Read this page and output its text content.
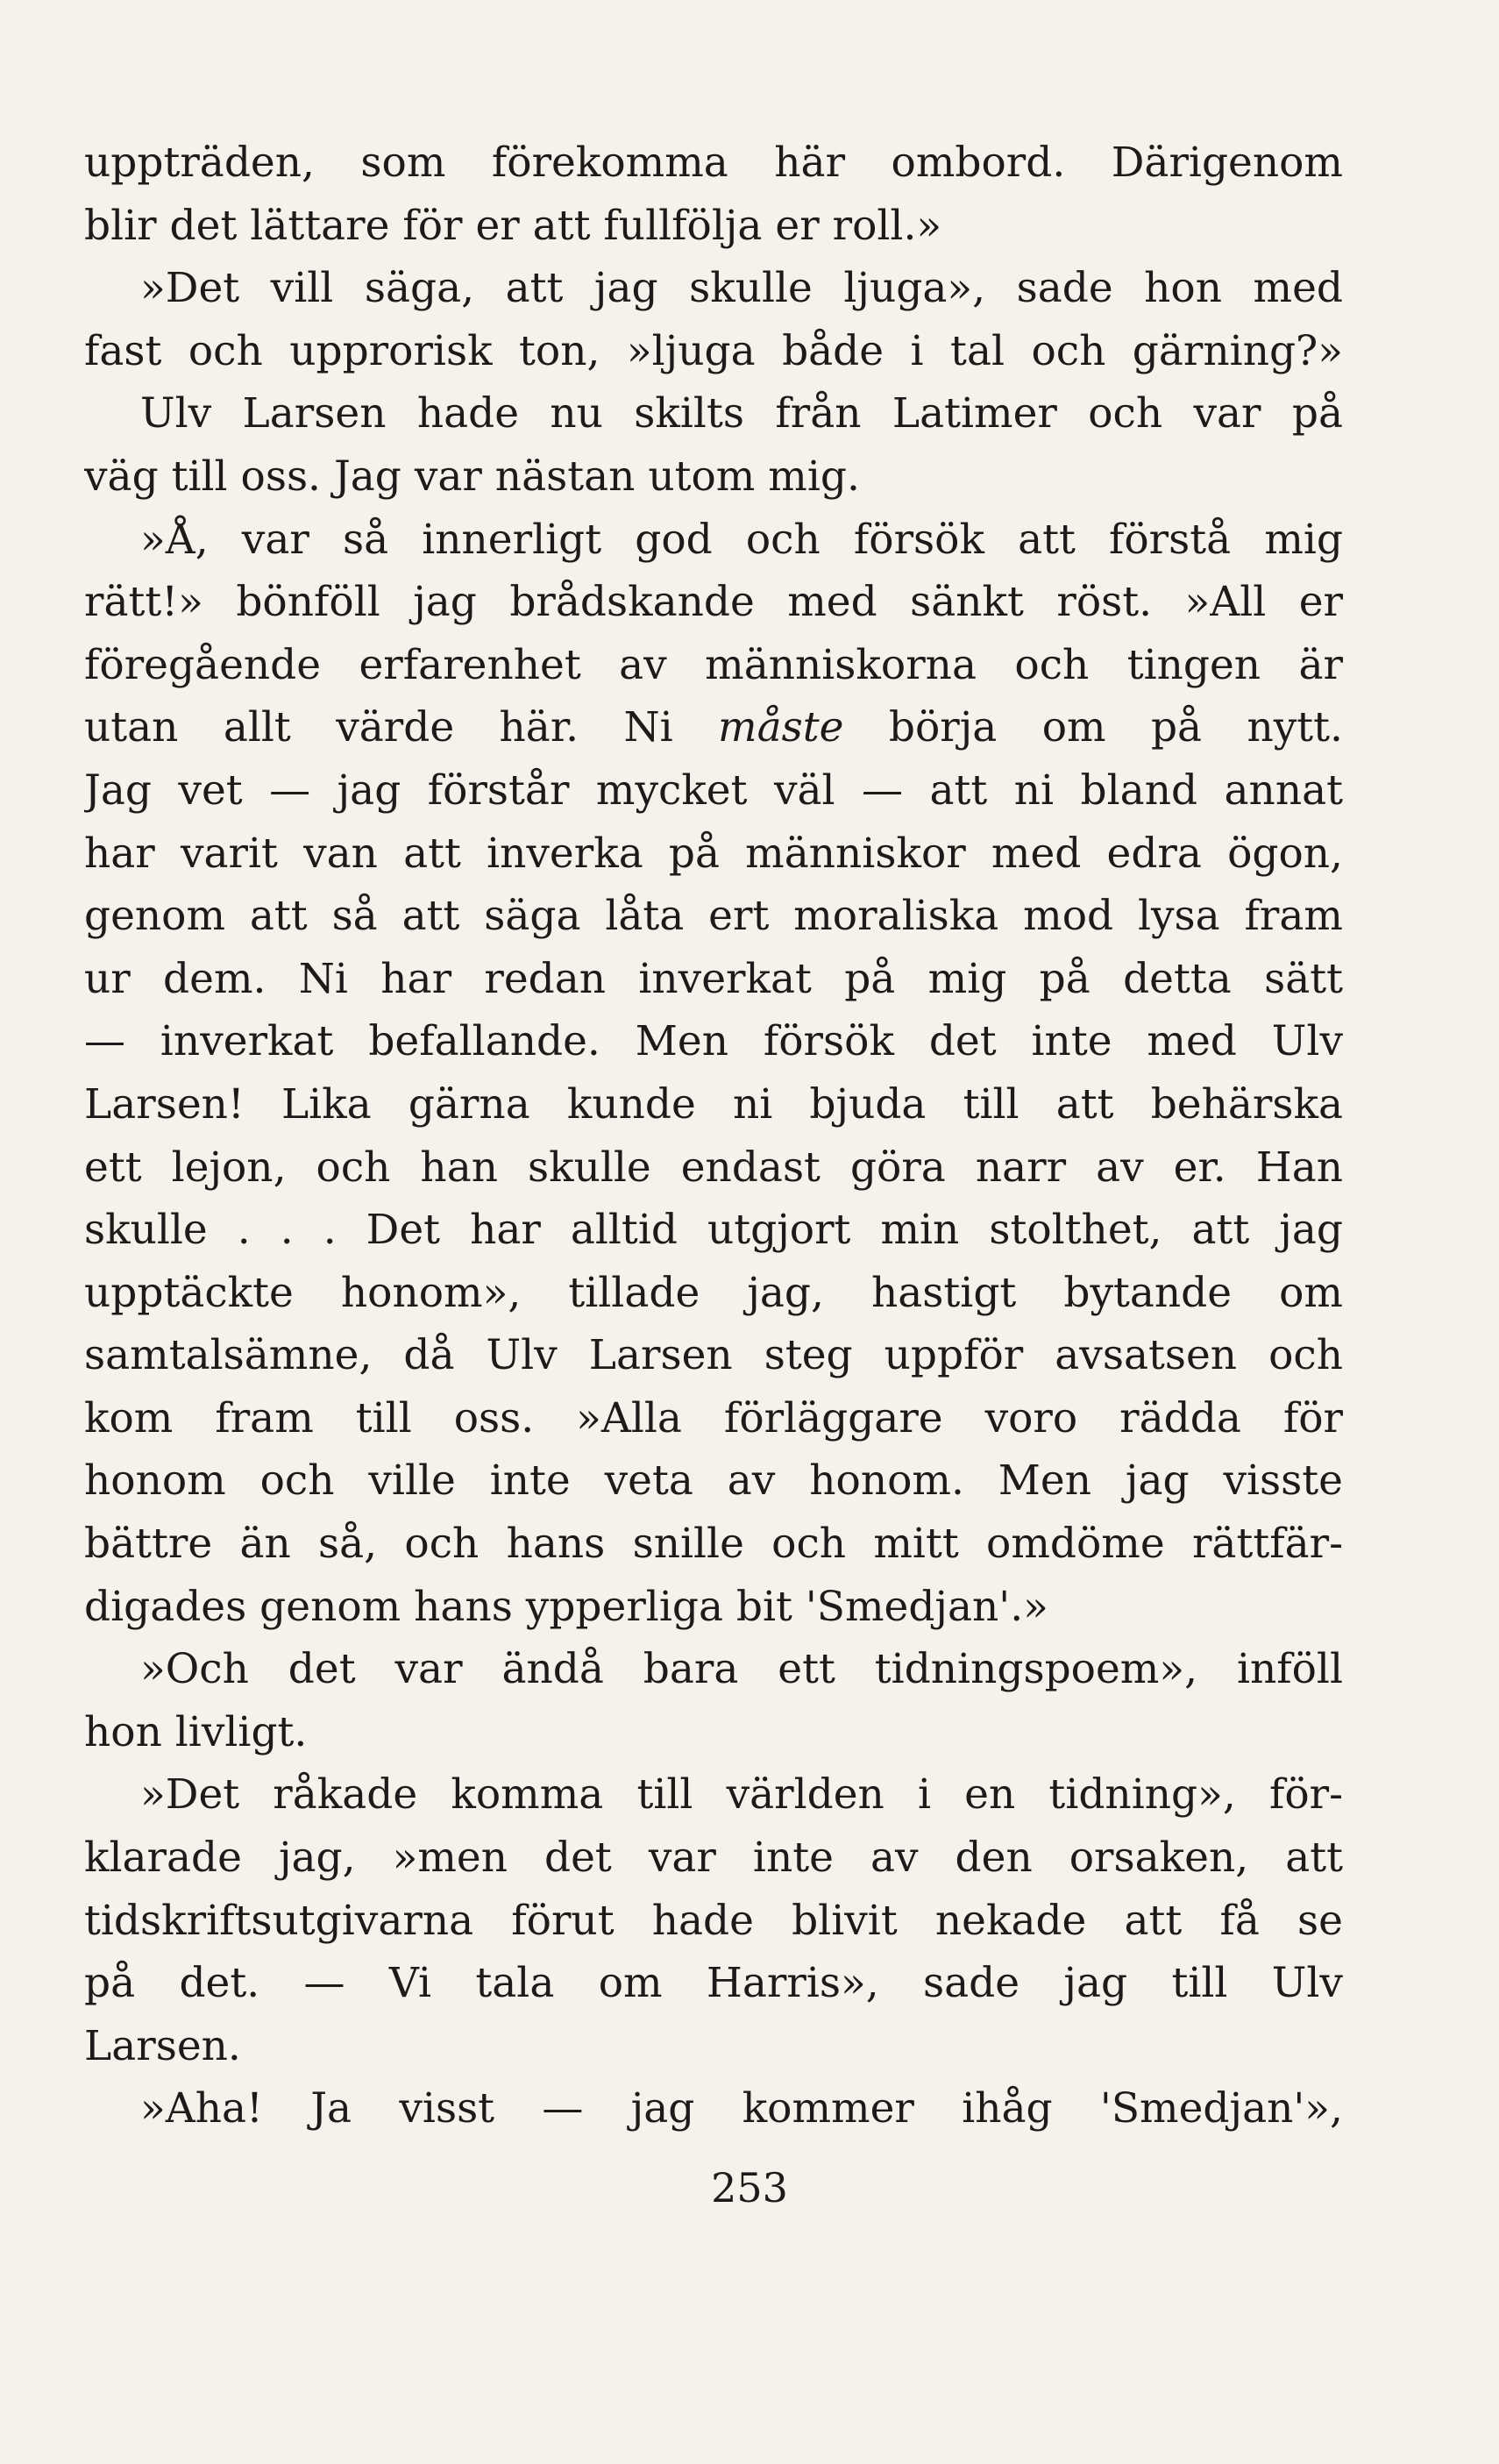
uppträden, som förekomma här ombord. Därigenom
blir det lättare för er att fullfölja er roll.»
»Det vill säga, att jag skulle ljuga», sade hon med
fast och upprorisk ton, »ljuga både i tal och gärning?»
Ulv Larsen hade nu skilts från Latimer och var på
väg till oss. Jag var nästan utom mig.
»Å, var så innerligt god och försök att förstå mig
rätt!» bönföll jag brådskande med sänkt röst. »All er
föregående erfarenhet av människorna och tingen är
utan allt värde här. Ni måste börja om på nytt.
Jag vet — jag förstår mycket väl — att ni bland annat
har varit van att inverka på människor med edra ögon,
genom att så att säga låta ert moraliska mod lysa fram
ur dem. Ni har redan inverkat på mig på detta sätt
— inverkat befallande. Men försök det inte med Ulv
Larsen! Lika gärna kunde ni bjuda till att behärska
ett lejon, och han skulle endast göra narr av er. Han
skulle . . . Det har alltid utgjort min stolthet, att jag
upptäckte honom», tillade jag, hastigt bytande om
samtalsämne, då Ulv Larsen steg uppför avsatsen och
kom fram till oss. »Alla förläggare voro rädda för
honom och ville inte veta av honom. Men jag visste
bättre än så, och hans snille och mitt omdöme rättfär-
digades genom hans ypperliga bit 'Smedjan'.»
»Och det var ändå bara ett tidningspoem», inföll
hon livligt.
»Det råkade komma till världen i en tidning», för-
klarade jag, »men det var inte av den orsaken, att
tidskriftsutgivarna förut hade blivit nekade att få se
på det. — Vi tala om Harris», sade jag till Ulv
Larsen.
»Aha! Ja visst — jag kommer ihåg 'Smedjan'»,
253
